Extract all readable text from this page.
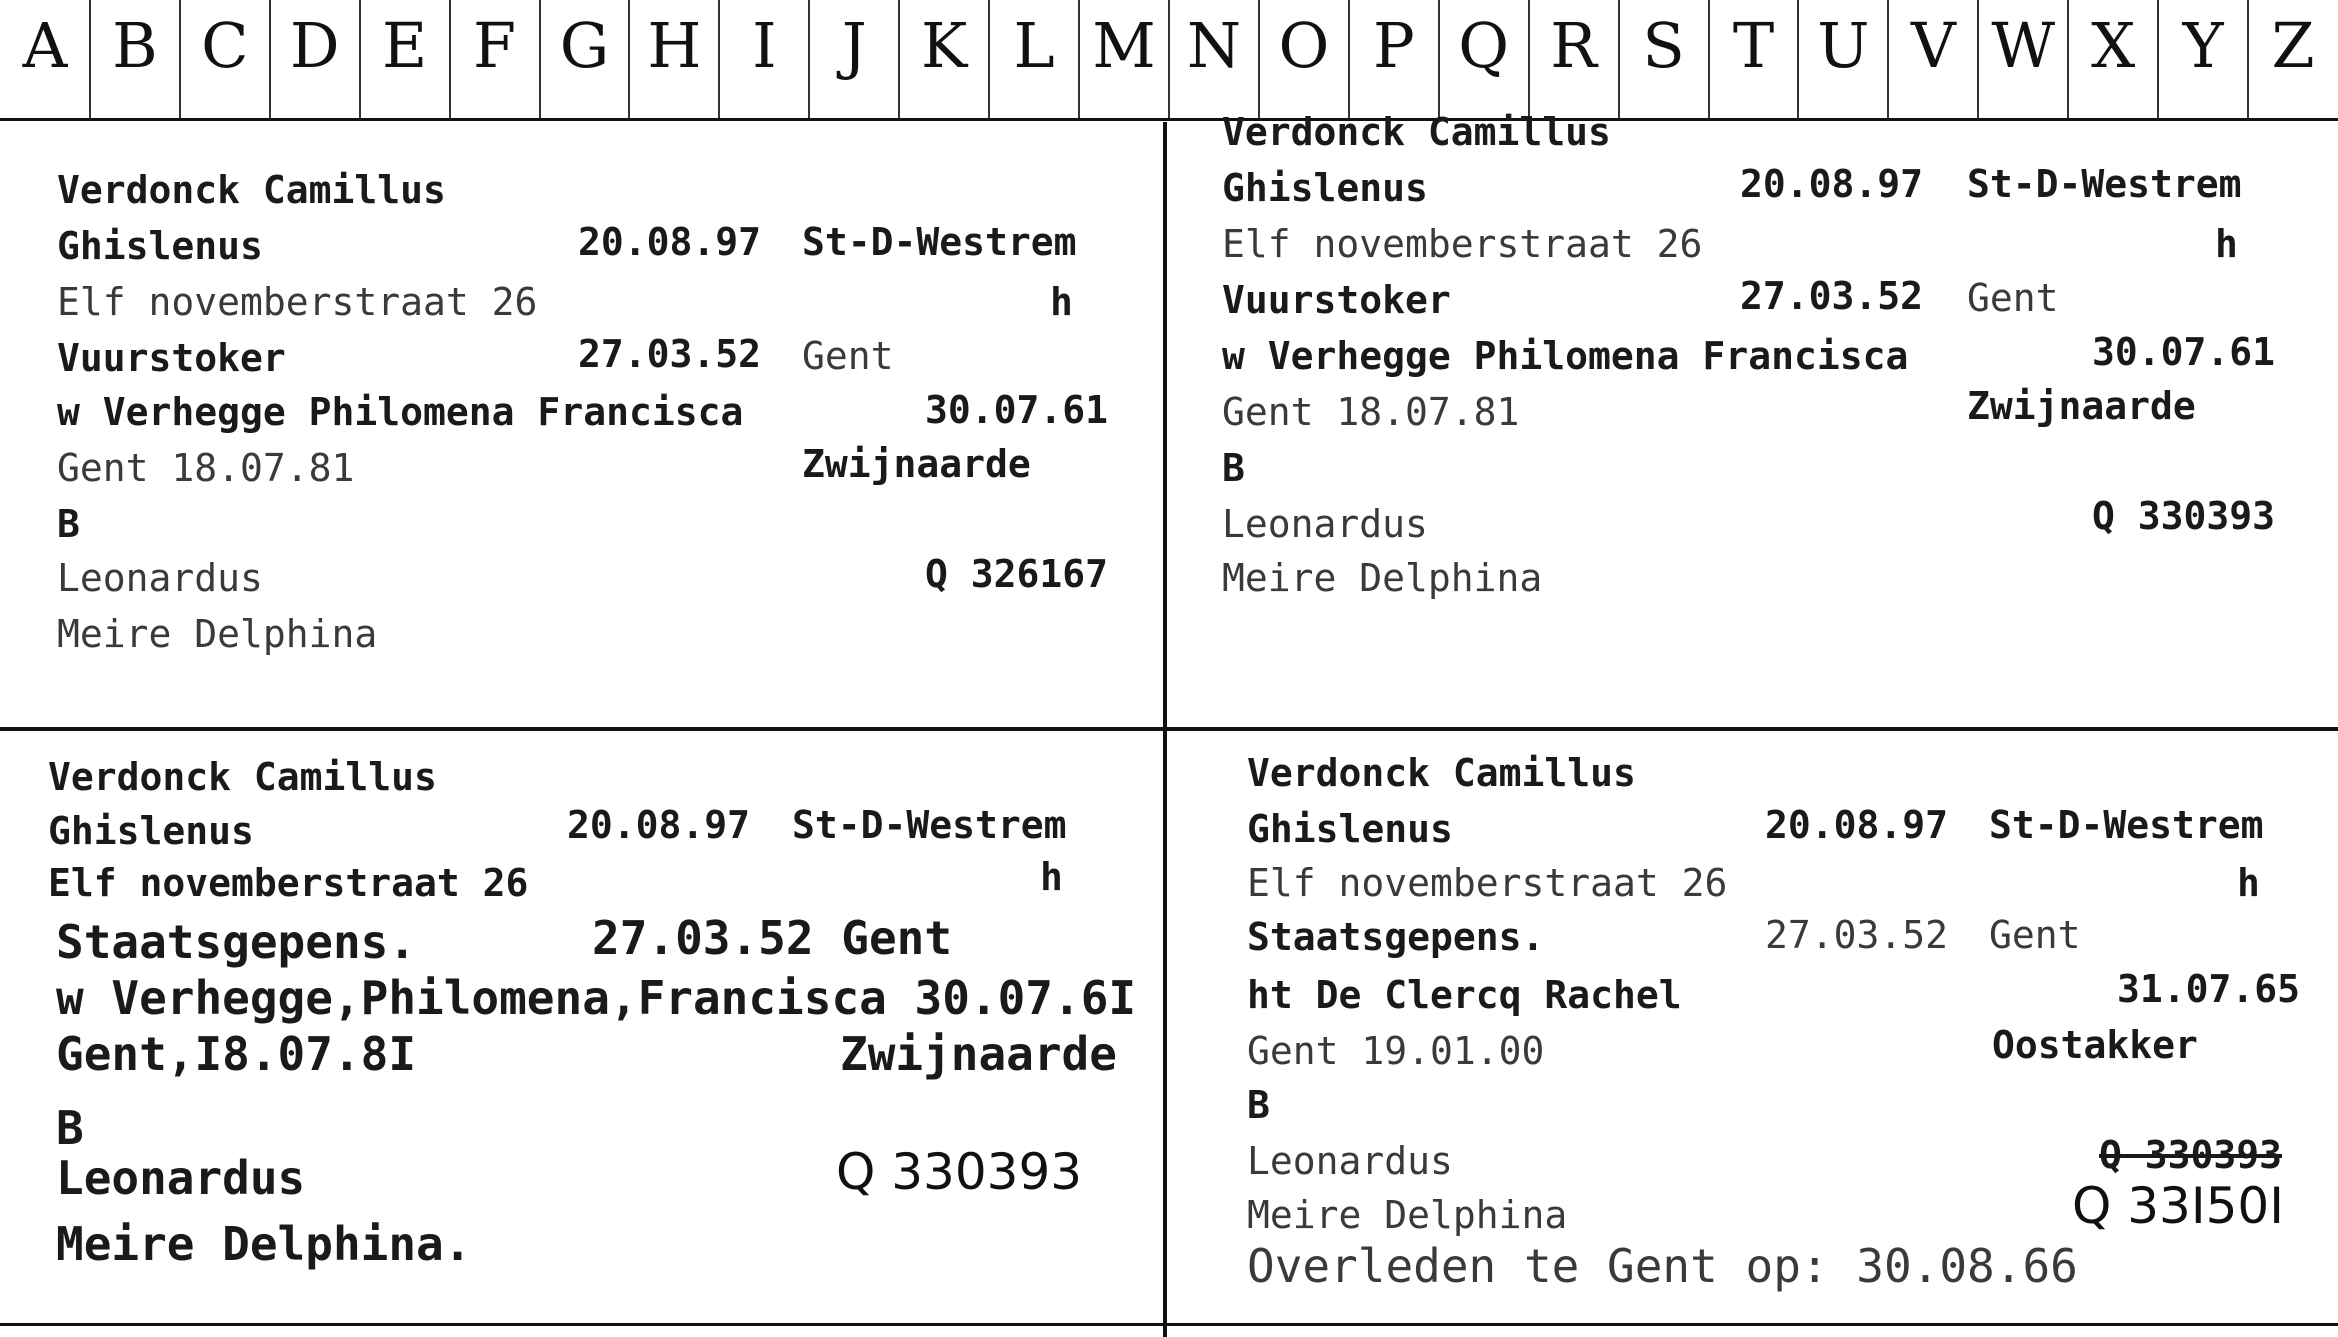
A B C D E F G H I	J K L M N O P Q R S T U V W X Y Z
Verdonck Camillus
Ghislenus	20.08.97 St-D-Westrem
Elf novemberstraat 26	h
Vuurstoker	27.03.52 Gent
w Verhegge Philomena Francisca	30.07.61
Gent 18.07.81	Zwijnaarde
B
Leonardus	Q 326167
Meire Delphina
Verdonck Camillus
Ghislenus	20.08.97 St-D-Westrem
Elf novemberstraat 26	h
Vuurstoker	27.03.52 Gent
w Verhegge Philomena Francisca	30.07.61
Gent 18.07.81	Zwijnaarde
B
Leonardus	Q 330393
Meire Delphina
Verdonck Camillus
Ghislenus	20.08.97 St-D-Westrem
Elf novemberstraat 26	h
Staatsgepens.	27.03.52 Gent
w Verhegge,Philomena,Francisca 30.07.6I
Gent,I8.07.8I	Zwijnaarde
B
Leonardus	Q 330393
Meire Delphina.
Verdonck Camillus
Ghislenus	20.08.97 St-D-Westrem
Elf novemberstraat 26	h
Staatsgepens.	27.03.52 Gent
ht De Clercq Rachel	31.07.65
Gent 19.01.00	Oostakker
B
Leonardus	Q 330393
Meire Delphina	Q 33I50I
Overleden te Gent op: 30.08.66
